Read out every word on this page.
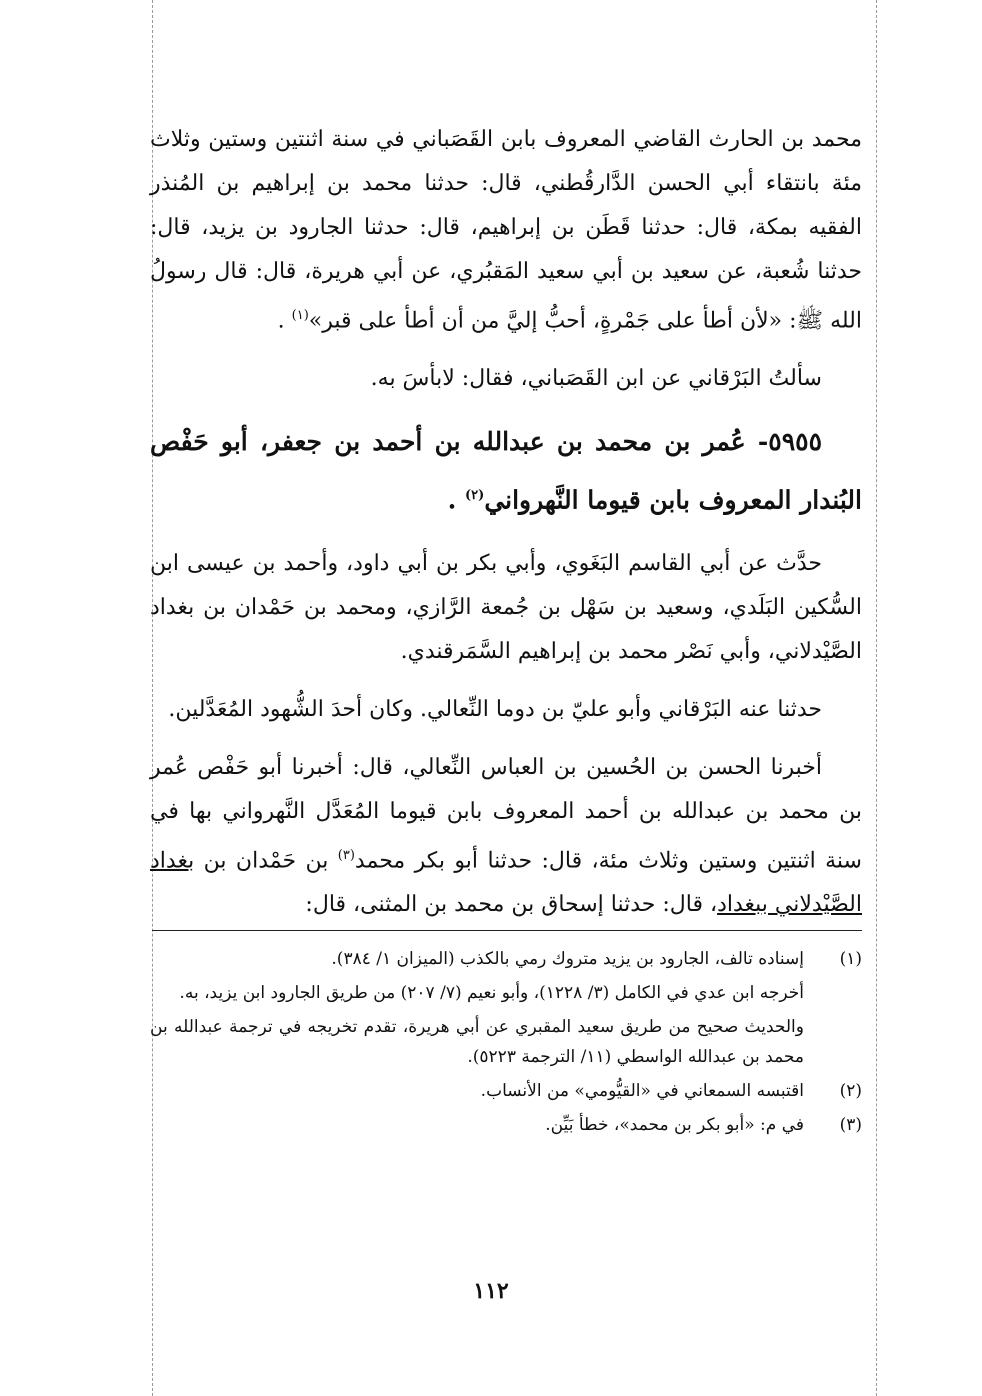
محمد بن الحارث القاضي المعروف بابن القَصَباني في سنة اثنتين وستين وثلاث مئة بانتقاء أبي الحسن الدَّارقُطني، قال: حدثنا محمد بن إبراهيم بن المُنذر الفقيه بمكة، قال: حدثنا قَطَن بن إبراهيم، قال: حدثنا الجارود بن يزيد، قال: حدثنا شُعبة، عن سعيد بن أبي سعيد المَقبُري، عن أبي هريرة، قال: قال رسولُ الله ﷺ: «لأن أطأ على جَمْرةٍ، أحبُّ إليَّ من أن أطأ على قبر»$^{(١)}$ .

سألتُ البَرْقاني عن ابن القَصَباني، فقال: لابأسَ به.

٥٩٥٥- عُمر بن محمد بن عبدالله بن أحمد بن جعفر، أبو حَفْص البُندار المعروف بابن قيوما النَّهرواني$^{(٢)}$ .

حدَّث عن أبي القاسم البَغَوي، وأبي بكر بن أبي داود، وأحمد بن عيسى ابن السُّكين البَلَدي، وسعيد بن سَهْل بن جُمعة الرَّازي، ومحمد بن حَمْدان بن بغداد الصَّيْدلاني، وأبي نَصْر محمد بن إبراهيم السَّمَرقندي.

حدثنا عنه البَرْقاني وأبو عليّ بن دوما النِّعالي. وكان أحدَ الشُّهود المُعَدَّلين.

أخبرنا الحسن بن الحُسين بن العباس النِّعالي، قال: أخبرنا أبو حَفْص عُمر بن محمد بن عبدالله بن أحمد المعروف بابن قيوما المُعَدَّل النَّهرواني بها في سنة اثنتين وستين وثلاث مئة، قال: حدثنا أبو بكر محمد$^{(٣)}$ بن حَمْدان بن بغداد الصَّيْدلاني ببغداد، قال: حدثنا إسحاق بن محمد بن المثنى، قال:

(١)
إسناده تالف، الجارود بن يزيد متروك رمي بالكذب (الميزان ١/ ٣٨٤).
أخرجه ابن عدي في الكامل (٣/ ١٢٢٨)، وأبو نعيم (٧/ ٢٠٧) من طريق الجارود ابن يزيد، به.
والحديث صحيح من طريق سعيد المقبري عن أبي هريرة، تقدم تخريجه في ترجمة عبدالله بن محمد بن عبدالله الواسطي (١١/ الترجمة ٥٢٢٣).
(٢)
اقتبسه السمعاني في «القيُّومي» من الأنساب.
(٣)
في م: «أبو بكر بن محمد»، خطأ بَيِّن.
١١٢
